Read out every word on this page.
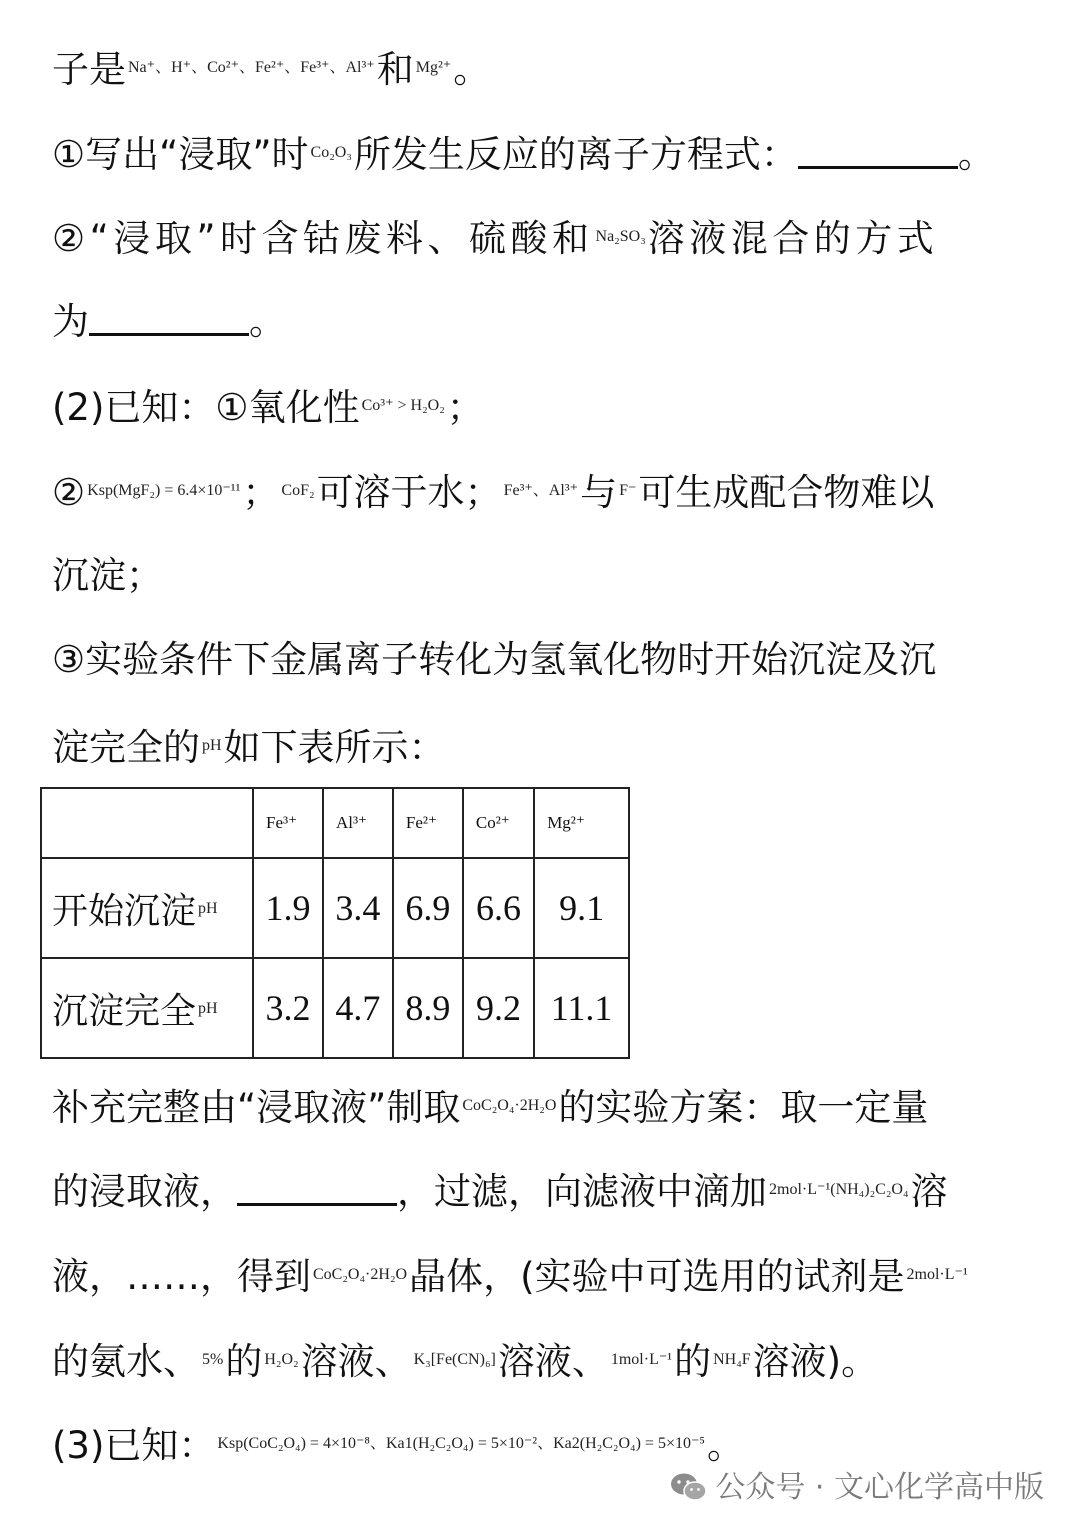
子是 $^{Na^+、H^+、Co^{2+}、Fe^{2+}、Fe^{3+}、Al^{3+}}$和 $^{Mg^{2+}}$。
①写出“浸取”时 $^{Co_2O_3}$所发生反应的离子方程式：	。
②“浸取”时含钴废料、硫酸和 $^{Na_2SO_3}$溶液混合的方式
为	。
(2)已知：①氧化性 $^{Co^{3+} > H_2O_2}$；
② $^{Ksp(MgF_2) = 6.4\times 10^{-11}}$； $^{CoF_2}$可溶于水； $^{Fe^{3+}、Al^{3+}}$与 $^{F^-}$可生成配合物难以
沉淀；
③实验条件下金属离子转化为氢氧化物时开始沉淀及沉
淀完全的 $^{pH}$如下表所示：
	Fe³⁺	Al³⁺	Fe²⁺	Co²⁺	Mg²⁺
开始沉淀 $^{pH}$	1.9	3.4	6.9	6.6	9.1
沉淀完全 $^{pH}$	3.2	4.7	8.9	9.2	11.1
补充完整由“浸取液”制取 $^{CoC_2O_4\cdot 2H_2O}$的实验方案：取一定量
的浸取液，	，过滤，向滤液中滴加 $^{2mol\cdot L^{-1}(NH_4)_2C_2O_4}$溶
液，……，得到 $^{CoC_2O_4\cdot 2H_2O}$晶体，(实验中可选用的试剂是 $^{2mol\cdot L^{-1}}$
的氨水、 $^{5\%}$的 $^{H_2O_2}$溶液、 $^{K_3[Fe(CN)_6]}$溶液、 $^{1mol\cdot L^{-1}}$的 $^{NH_4F}$溶液)。
(3)已知： $^{Ksp(CoC_2O_4) = 4\times 10^{-8}、Ka1(H_2C_2O_4) = 5\times 10^{-2}、Ka2(H_2C_2O_4) = 5\times 10^{-5}}$。
公众号 · 文心化学高中版
